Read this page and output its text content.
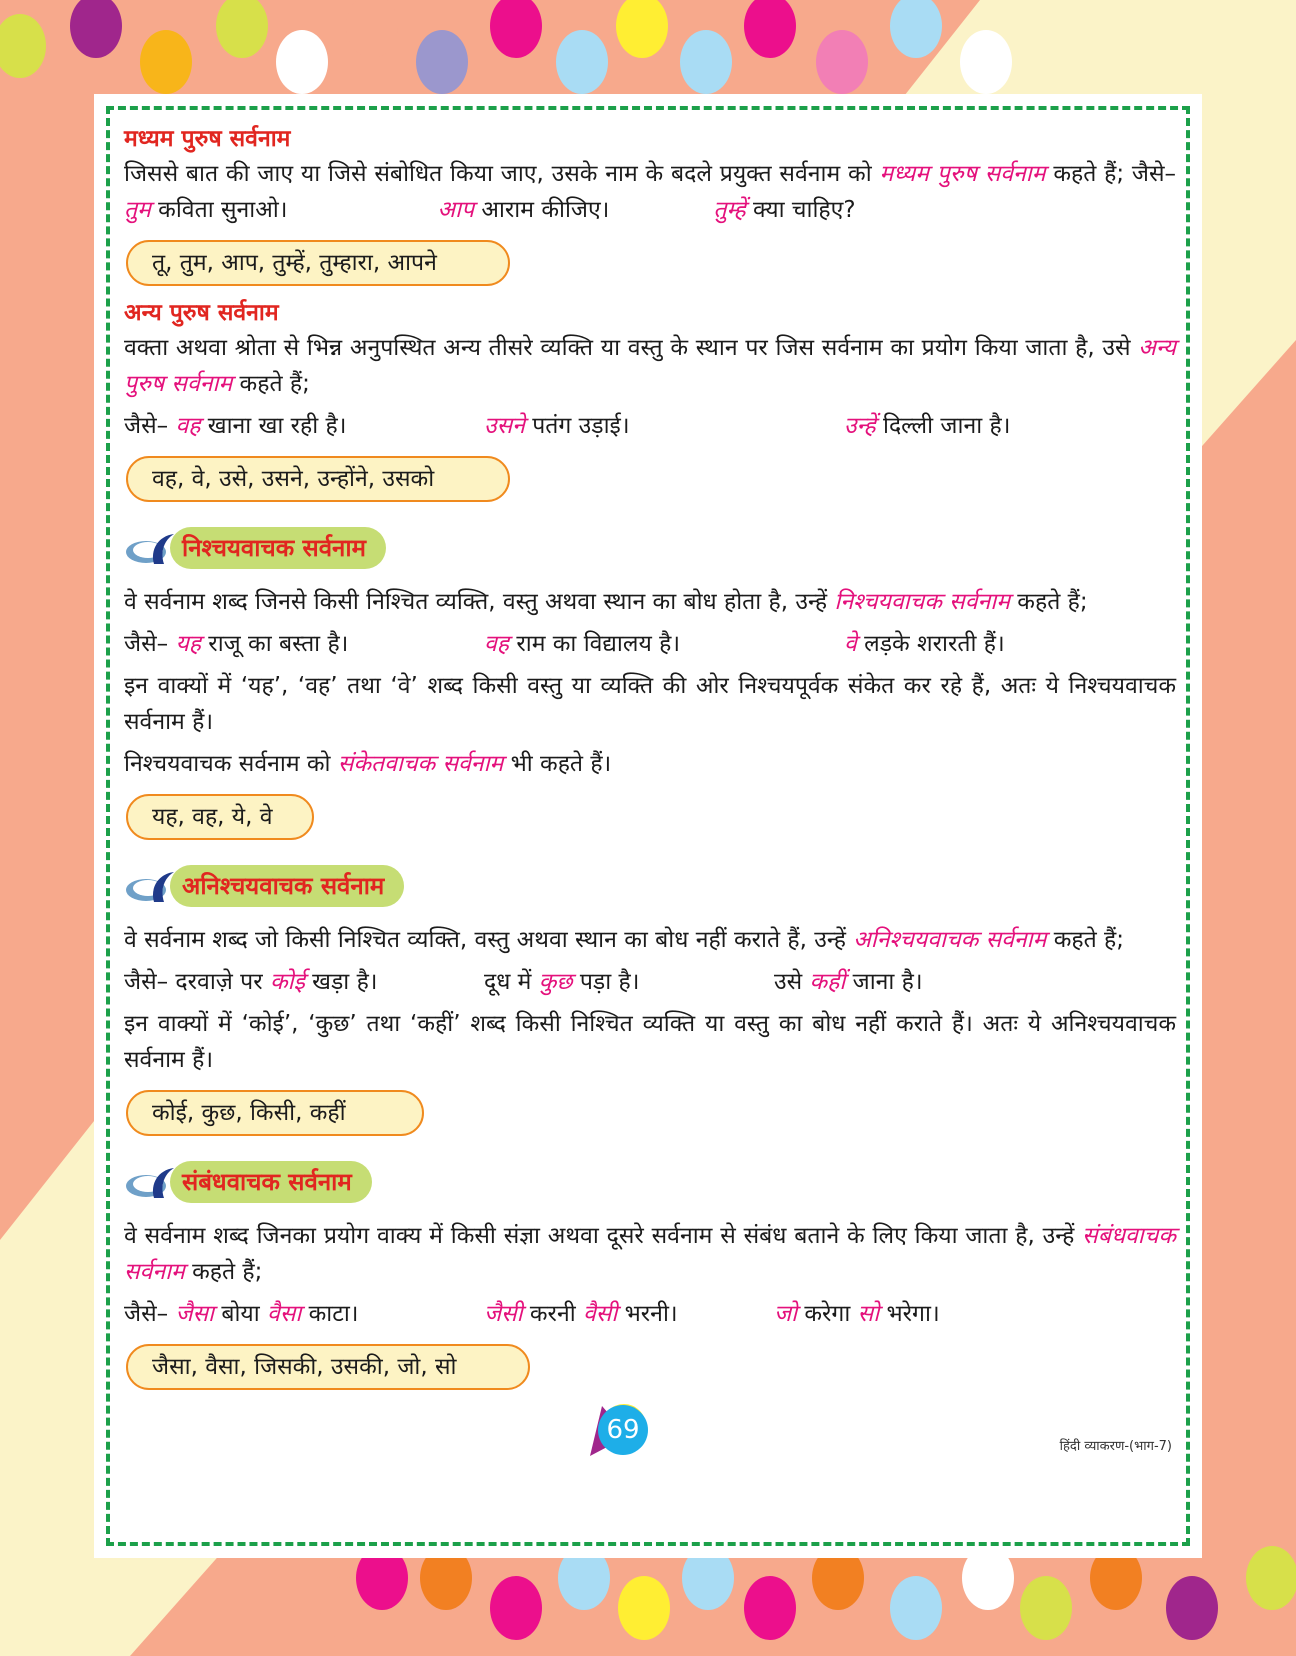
मध्यम पुरुष सर्वनाम

जिससे बात की जाए या जिसे संबोधित किया जाए, उसके नाम के बदले प्रयुक्त सर्वनाम को मध्यम पुरुष सर्वनाम कहते हैं; जैसे– तुम कविता सुनाओ।	आप आराम कीजिए।	तुम्हें क्या चाहिए?

तू, तुम, आप, तुम्हें, तुम्हारा, आपने
अन्य पुरुष सर्वनाम

वक्ता अथवा श्रोता से भिन्न अनुपस्थित अन्य तीसरे व्यक्ति या वस्तु के स्थान पर जिस सर्वनाम का प्रयोग किया जाता है, उसे अन्य पुरुष सर्वनाम कहते हैं;

जैसे– वह खाना खा रही है।	उसने पतंग उड़ाई।	उन्हें दिल्ली जाना है।
वह, वे, उसे, उसने, उन्होंने, उसको
निश्चयवाचक सर्वनाम

वे सर्वनाम शब्द जिनसे किसी निश्चित व्यक्ति, वस्तु अथवा स्थान का बोध होता है, उन्हें निश्चयवाचक सर्वनाम कहते हैं;

जैसे– यह राजू का बस्ता है।	वह राम का विद्यालय है।	वे लड़के शरारती हैं।

इन वाक्यों में ‘यह’, ‘वह’ तथा ‘वे’ शब्द किसी वस्तु या व्यक्ति की ओर निश्चयपूर्वक संकेत कर रहे हैं, अतः ये निश्चयवाचक सर्वनाम हैं।

निश्चयवाचक सर्वनाम को संकेतवाचक सर्वनाम भी कहते हैं।

यह, वह, ये, वे
अनिश्चयवाचक सर्वनाम

वे सर्वनाम शब्द जो किसी निश्चित व्यक्ति, वस्तु अथवा स्थान का बोध नहीं कराते हैं, उन्हें अनिश्चयवाचक सर्वनाम कहते हैं;

जैसे– दरवाज़े पर कोई खड़ा है।	दूध में कुछ पड़ा है।	उसे कहीं जाना है।

इन वाक्यों में ‘कोई’, ‘कुछ’ तथा ‘कहीं’ शब्द किसी निश्चित व्यक्ति या वस्तु का बोध नहीं कराते हैं। अतः ये अनिश्चयवाचक सर्वनाम हैं।

कोई, कुछ, किसी, कहीं
संबंधवाचक सर्वनाम

वे सर्वनाम शब्द जिनका प्रयोग वाक्य में किसी संज्ञा अथवा दूसरे सर्वनाम से संबंध बताने के लिए किया जाता है, उन्हें संबंधवाचक सर्वनाम कहते हैं;

जैसे– जैसा बोया वैसा काटा।	जैसी करनी वैसी भरनी।	जो करेगा सो भरेगा।
जैसा, वैसा, जिसकी, उसकी, जो, सो
69
हिंदी व्याकरण-(भाग-7)
